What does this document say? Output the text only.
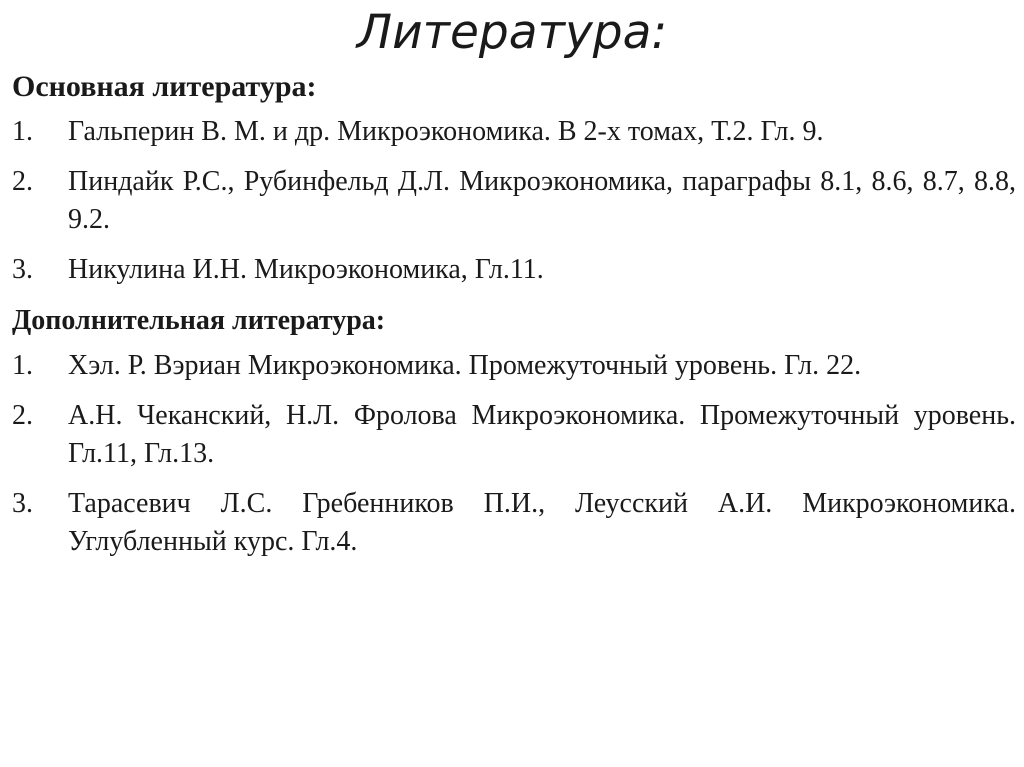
Литература:

Основная литература:

1. Гальперин В. М. и др. Микроэкономика. В 2-х томах, Т.2. Гл. 9.
2. Пиндайк Р.С., Рубинфельд Д.Л. Микроэкономика, параграфы 8.1, 8.6, 8.7, 8.8, 9.2.
3. Никулина И.Н. Микроэкономика, Гл.11.

Дополнительная литература:

1. Хэл. Р. Вэриан Микроэкономика. Промежуточный уровень. Гл. 22.
2. А.Н. Чеканский, Н.Л. Фролова Микроэкономика. Промежуточный уровень. Гл.11, Гл.13.
3. Тарасевич Л.С. Гребенников П.И., Леусский А.И. Микроэкономика. Углубленный курс. Гл.4.
